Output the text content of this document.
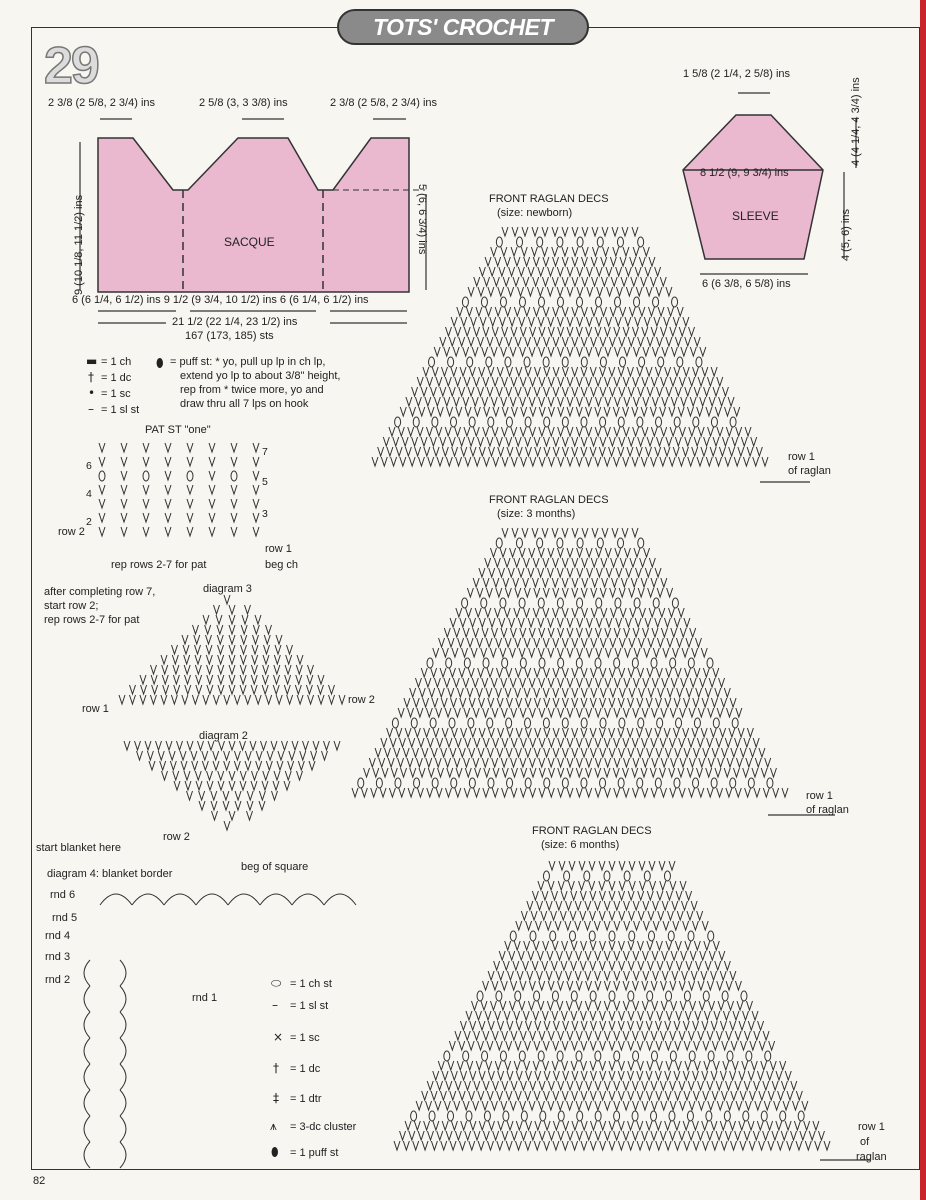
TOTS' CROCHET
29
2 3/8 (2 5/8, 2 3/4) ins	2 5/8 (3, 3 3/8) ins	2 3/8 (2 5/8, 2 3/4) ins
9 (10 1/8, 11 1/2) ins	5 (6, 6 3/4) ins
SACQUE
6 (6 1/4, 6 1/2) ins 9 1/2 (9 3/4, 10 1/2) ins 6 (6 1/4, 6 1/2) ins
21 1/2 (22 1/4, 23 1/2) ins
167 (173, 185) sts
1 5/8 (2 1/4, 2 5/8) ins
8 1/2 (9, 9 3/4) ins
SLEEVE
6 (6 3/8, 6 5/8) ins
4 (4 1/4, 4 3/4) ins
4 (5, 6) ins
▬ = 1 ch
† = 1 dc
• = 1 sc
– = 1 sl st
⬮ = puff st: * yo, pull up lp in ch lp,
extend yo lp to about 3/8" height,
rep from * twice more, yo and
draw thru all 7 lps on hook
PAT ST "one"
6
4
2
7
5
3
row 2
row 1
beg ch
rep rows 2-7 for pat
after completing row 7,
start row 2;
rep rows 2-7 for pat
diagram 3
row 1
row 2
diagram 2
row 2
start blanket here
beg of square
diagram 4: blanket border
rnd 6
rnd 5
rnd 4
rnd 3
rnd 2
rnd 1
⬭ = 1 ch st
– = 1 sl st
× = 1 sc
† = 1 dc
‡ = 1 dtr
⩚ = 3-dc cluster
⬮ = 1 puff st
FRONT RAGLAN DECS
(size: newborn)
row 1
of raglan
FRONT RAGLAN DECS
(size: 3 months)
row 1
of raglan
FRONT RAGLAN DECS
(size: 6 months)
row 1
of
raglan
82
